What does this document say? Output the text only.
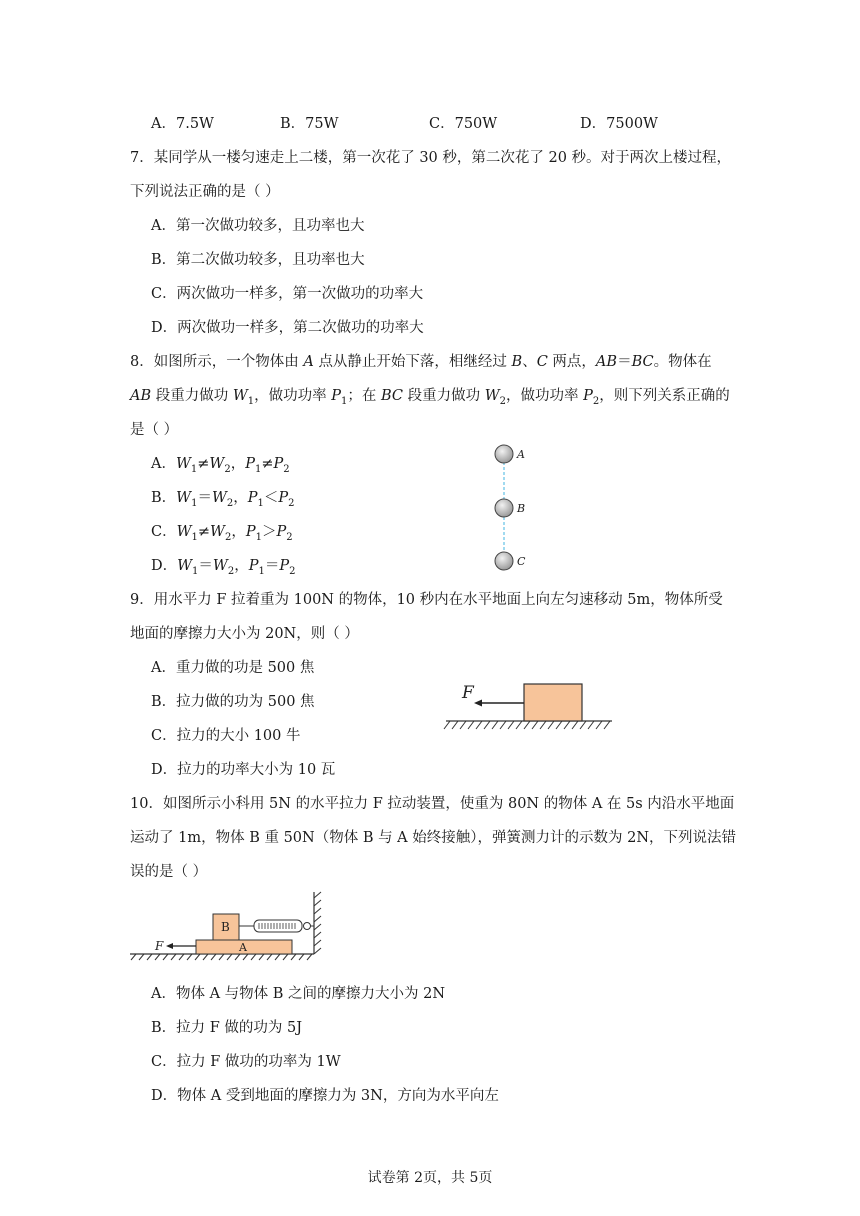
A．7.5W	B．75W	C．750W	D．7500W
7．某同学从一楼匀速走上二楼，第一次花了 30 秒，第二次花了 20 秒。对于两次上楼过程，
下列说法正确的是（ ）
A．第一次做功较多，且功率也大
B．第二次做功较多，且功率也大
C．两次做功一样多，第一次做功的功率大
D．两次做功一样多，第二次做功的功率大
8．如图所示，一个物体由 A 点从静止开始下落，相继经过 B、C 两点，AB＝BC。物体在
AB 段重力做功 $W_1$，做功功率 $P_1$；在 BC 段重力做功 $W_2$，做功功率 $P_2$，则下列关系正确的
是（ ）
A．$W_1\ne W_2$，$P_1\ne P_2$
B．$W_1=W_2$，$P_1<P_2$
C．$W_1\ne W_2$，$P_1>P_2$
D．$W_1=W_2$，$P_1=P_2$
A
B
C
9．用水平力 F 拉着重为 100N 的物体，10 秒内在水平地面上向左匀速移动 5m，物体所受
地面的摩擦力大小为 20N，则（ ）
A．重力做的功是 500 焦
B．拉力做的功为 500 焦
C．拉力的大小 100 牛
D．拉力的功率大小为 10 瓦
F
10．如图所示小科用 5N 的水平拉力 F 拉动装置，使重为 80N 的物体 A 在 5s 内沿水平地面
运动了 1m，物体 B 重 50N（物体 B 与 A 始终接触），弹簧测力计的示数为 2N，下列说法错
误的是（ ）
A
B
F
A．物体 A 与物体 B 之间的摩擦力大小为 2N
B．拉力 F 做的功为 5J
C．拉力 F 做功的功率为 1W
D．物体 A 受到地面的摩擦力为 3N，方向为水平向左
试卷第 2页，共 5页
